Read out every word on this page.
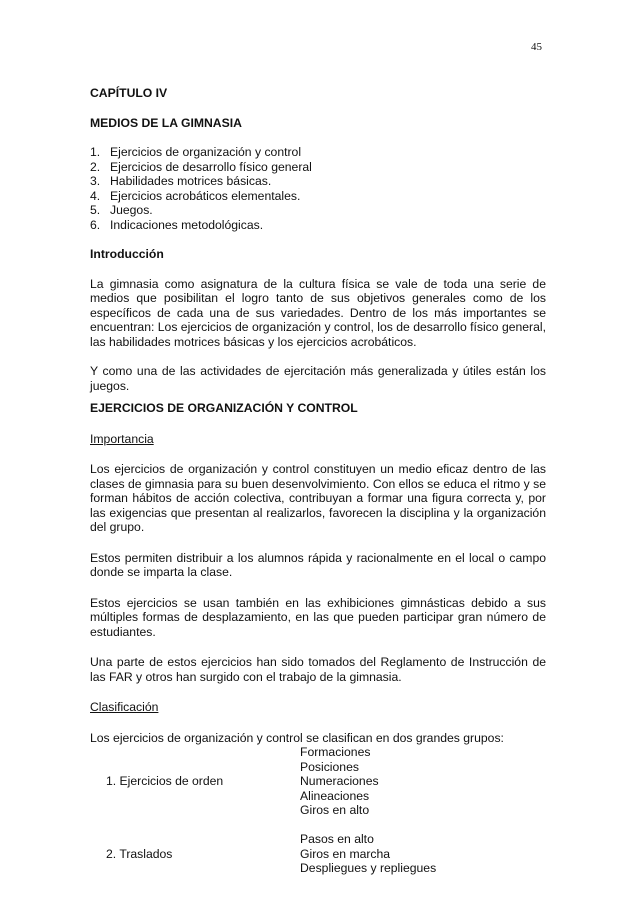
45
CAPÍTULO IV
MEDIOS DE LA GIMNASIA
1. Ejercicios de organización y control
2. Ejercicios de desarrollo físico general
3. Habilidades motrices básicas.
4. Ejercicios acrobáticos elementales.
5. Juegos.
6. Indicaciones metodológicas.
Introducción

La gimnasia como asignatura de la cultura física se vale de toda una serie de medios que posibilitan el logro tanto de sus objetivos generales como de los específicos de cada una de sus variedades. Dentro de los más importantes se encuentran: Los ejercicios de organización y control, los de desarrollo físico general, las habilidades motrices básicas y los ejercicios acrobáticos.

Y como una de las actividades de ejercitación más generalizada y útiles están los juegos.

EJERCICIOS DE ORGANIZACIÓN Y CONTROL
Importancia

Los ejercicios de organización y control constituyen un medio eficaz dentro de las clases de gimnasia para su buen desenvolvimiento. Con ellos se educa el ritmo y se forman hábitos de acción colectiva, contribuyan a formar una figura correcta y, por las exigencias que presentan al realizarlos, favorecen la disciplina y la organización del grupo.

Estos permiten distribuir a los alumnos rápida y racionalmente en el local o campo donde se imparta la clase.

Estos ejercicios se usan también en las exhibiciones gimnásticas debido a sus múltiples formas de desplazamiento, en las que pueden participar gran número de estudiantes.

Una parte de estos ejercicios han sido tomados del Reglamento de Instrucción de las FAR y otros han surgido con el trabajo de la gimnasia.

Clasificación

Los ejercicios de organización y control se clasifican en dos grandes grupos:

Formaciones
Posiciones
Numeraciones
Alineaciones
Giros en alto
Pasos en alto
Giros en marcha
Despliegues y repliegues
1. Ejercicios de orden
2. Traslados
